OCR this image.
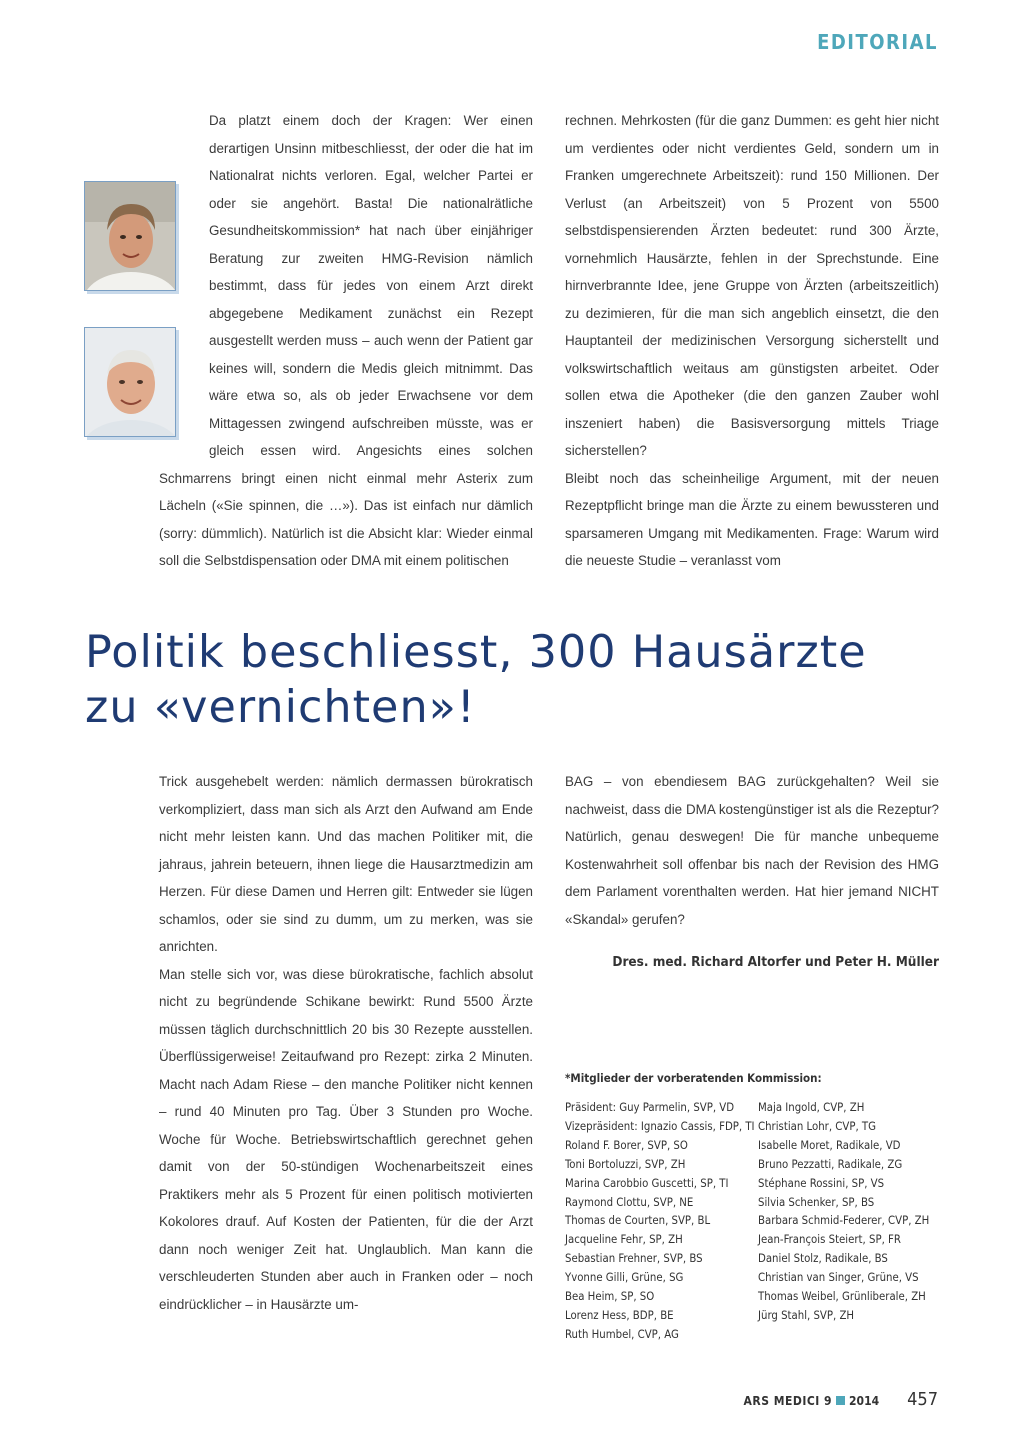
EDITORIAL

Da platzt einem doch der Kragen: Wer einen derartigen Unsinn mitbeschliesst, der oder die hat im Nationalrat nichts verloren. Egal, welcher Partei er oder sie angehört. Basta! Die nationalrätliche Gesundheitskommission* hat nach über einjähriger Beratung zur zweiten HMG-Revision nämlich bestimmt, dass für jedes von einem Arzt direkt abgegebene Medikament zunächst ein Rezept ausgestellt werden muss – auch wenn der Patient gar keines will, sondern die Medis gleich mitnimmt. Das wäre etwa so, als ob jeder Erwachsene vor dem Mittagessen zwingend aufschreiben müsste, was er gleich essen wird. Angesichts eines solchen Schmarrens bringt einen nicht einmal mehr Asterix zum Lächeln («Sie spinnen, die …»). Das ist einfach nur dämlich (sorry: dümmlich). Natürlich ist die Absicht klar: Wieder einmal soll die Selbstdispensation oder DMA mit einem politischen

rechnen. Mehrkosten (für die ganz Dummen: es geht hier nicht um verdientes oder nicht verdientes Geld, sondern um in Franken umgerechnete Arbeitszeit): rund 150 Millionen. Der Verlust (an Arbeitszeit) von 5 Prozent von 5500 selbstdispensierenden Ärzten bedeutet: rund 300 Ärzte, vornehmlich Hausärzte, fehlen in der Sprechstunde. Eine hirnverbrannte Idee, jene Gruppe von Ärzten (arbeitszeitlich) zu dezimieren, für die man sich angeblich einsetzt, die den Hauptanteil der medizinischen Versorgung sicherstellt und volkswirtschaftlich weitaus am günstigsten arbeitet. Oder sollen etwa die Apotheker (die den ganzen Zauber wohl inszeniert haben) die Basisversorgung mittels Triage sicherstellen?

Bleibt noch das scheinheilige Argument, mit der neuen Rezeptpflicht bringe man die Ärzte zu einem bewussteren und sparsameren Umgang mit Medikamenten. Frage: Warum wird die neueste Studie – veranlasst vom

Politik beschliesst, 300 Hausärzte
zu «vernichten»!

Trick ausgehebelt werden: nämlich dermassen bürokratisch verkompliziert, dass man sich als Arzt den Aufwand am Ende nicht mehr leisten kann. Und das machen Politiker mit, die jahraus, jahrein beteuern, ihnen liege die Hausarztmedizin am Herzen. Für diese Damen und Herren gilt: Entweder sie lügen schamlos, oder sie sind zu dumm, um zu merken, was sie anrichten.

Man stelle sich vor, was diese bürokratische, fachlich absolut nicht zu begründende Schikane bewirkt: Rund 5500 Ärzte müssen täglich durchschnittlich 20 bis 30 Rezepte ausstellen. Überflüssigerweise! Zeitaufwand pro Rezept: zirka 2 Minuten. Macht nach Adam Riese – den manche Politiker nicht kennen – rund 40 Minuten pro Tag. Über 3 Stunden pro Woche. Woche für Woche. Betriebswirtschaftlich gerechnet gehen damit von der 50-stündigen Wochenarbeitszeit eines Praktikers mehr als 5 Prozent für einen politisch motivierten Kokolores drauf. Auf Kosten der Patienten, für die der Arzt dann noch weniger Zeit hat. Unglaublich. Man kann die verschleuderten Stunden aber auch in Franken oder – noch eindrücklicher – in Hausärzte um-

BAG – von ebendiesem BAG zurückgehalten? Weil sie nachweist, dass die DMA kostengünstiger ist als die Rezeptur? Natürlich, genau deswegen! Die für manche unbequeme Kostenwahrheit soll offenbar bis nach der Revision des HMG dem Parlament vorenthalten werden. Hat hier jemand NICHT «Skandal» gerufen?

Dres. med. Richard Altorfer und Peter H. Müller
*Mitglieder der vorberatenden Kommission:
Präsident: Guy Parmelin, SVP, VD
Vizepräsident: Ignazio Cassis, FDP, TI
Roland F. Borer, SVP, SO
Toni Bortoluzzi, SVP, ZH
Marina Carobbio Guscetti, SP, TI
Raymond Clottu, SVP, NE
Thomas de Courten, SVP, BL
Jacqueline Fehr, SP, ZH
Sebastian Frehner, SVP, BS
Yvonne Gilli, Grüne, SG
Bea Heim, SP, SO
Lorenz Hess, BDP, BE
Ruth Humbel, CVP, AG
Maja Ingold, CVP, ZH
Christian Lohr, CVP, TG
Isabelle Moret, Radikale, VD
Bruno Pezzatti, Radikale, ZG
Stéphane Rossini, SP, VS
Silvia Schenker, SP, BS
Barbara Schmid-Federer, CVP, ZH
Jean-François Steiert, SP, FR
Daniel Stolz, Radikale, BS
Christian van Singer, Grüne, VS
Thomas Weibel, Grünliberale, ZH
Jürg Stahl, SVP, ZH
ARS MEDICI 9 2014 457
